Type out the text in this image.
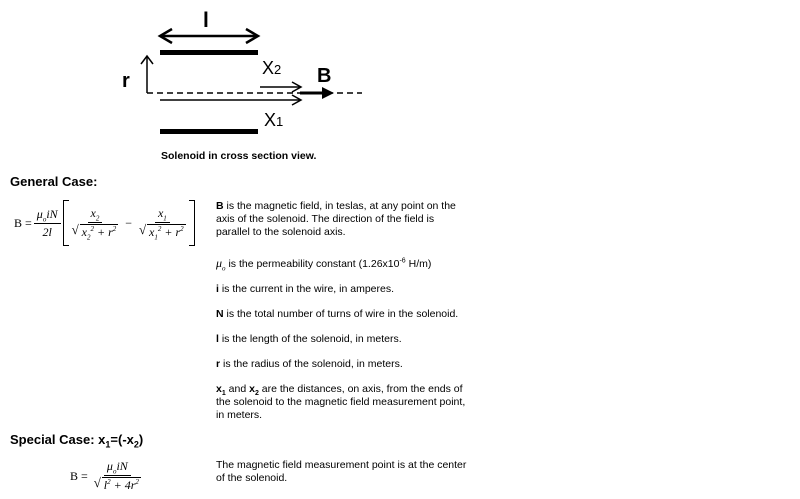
l
r
X2 B
X1
Solenoid in cross section view.
General Case:
$B = \frac{\mu_oiN}{2l} x_2$
√ $x_2^2 + r^2 - x_1$
√ $x_1^2 + r^2$	B is the magnetic field, in teslas, at any point on the axis of the solenoid. The direction of the field is parallel to the solenoid axis.
$\mu_o$ is the permeability constant ($1.26x10^{-6}$ H/m)
i is the current in the wire, in amperes.
N is the total number of turns of wire in the solenoid.
l is the length of the solenoid, in meters.
r is the radius of the solenoid, in meters.
$x_1$ and $x_2$ are the distances, on axis, from the ends of the solenoid to the magnetic field measurement point, in meters.
Special Case: $x_1=(-x_2)$
$B = \mu_oiN$
√ $l^2 + 4r^2$	The magnetic field measurement point is at the center of the solenoid.
